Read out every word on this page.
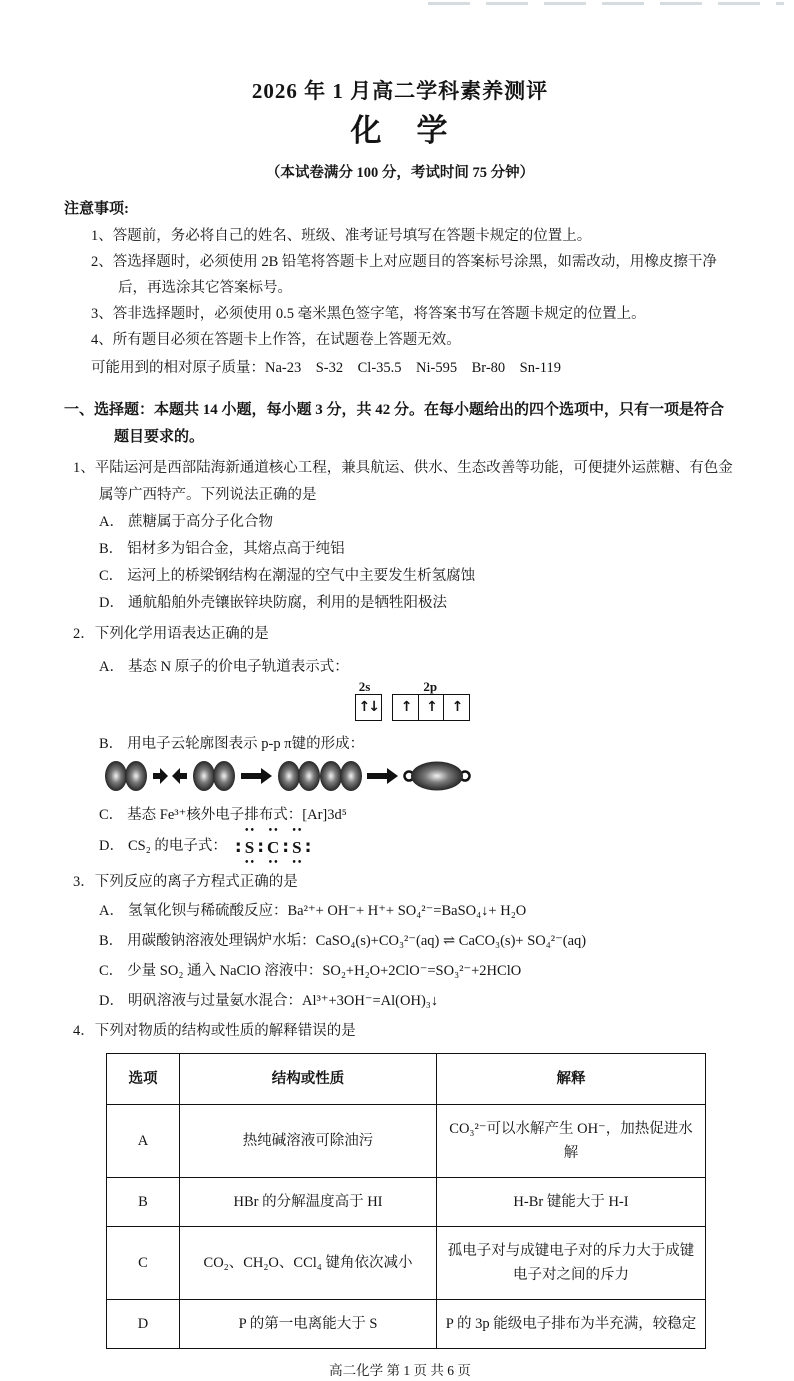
2026 年 1 月高二学科素养测评
化　学
（本试卷满分 100 分，考试时间 75 分钟）
注意事项:
1、答题前，务必将自己的姓名、班级、准考证号填写在答题卡规定的位置上。
2、答选择题时，必须使用 2B 铅笔将答题卡上对应题目的答案标号涂黑，如需改动，用橡皮擦干净后，再选涂其它答案标号。
3、答非选择题时，必须使用 0.5 毫米黑色签字笔，将答案书写在答题卡规定的位置上。
4、所有题目必须在答题卡上作答，在试题卷上答题无效。
可能用到的相对原子质量：Na-23　S-32　Cl-35.5　Ni-595　Br-80　Sn-119
一、选择题：本题共 14 小题，每小题 3 分，共 42 分。在每小题给出的四个选项中，只有一项是符合题目要求的。
1、平陆运河是西部陆海新通道核心工程，兼具航运、供水、生态改善等功能，可便捷外运蔗糖、有色金属等广西特产。下列说法正确的是
A． 蔗糖属于高分子化合物
B． 铝材多为铝合金，其熔点高于纯铝
C． 运河上的桥梁钢结构在潮湿的空气中主要发生析氢腐蚀
D． 通航船舶外壳镶嵌锌块防腐，利用的是牺牲阳极法
2．下列化学用语表达正确的是
A． 基态 N 原子的价电子轨道表示式：
2s
↑↓
2p
↑	↑	↑
B． 用电子云轮廓图表示 p-p π键的形成：
C． 基态 Fe³⁺核外电子排布式：[Ar]3d⁵
D． CS₂ 的电子式： : • • S • • : • • C • • : • • S • • :
3．下列反应的离子方程式正确的是
A． 氢氧化钡与稀硫酸反应：Ba²⁺+ OH⁻+ H⁺+ SO₄²⁻=BaSO₄↓+ H₂O
B． 用碳酸钠溶液处理锅炉水垢：CaSO₄(s)+CO₃²⁻(aq) ⇌ CaCO₃(s)+ SO₄²⁻(aq)
C． 少量 SO₂ 通入 NaClO 溶液中：SO₂+H₂O+2ClO⁻=SO₃²⁻+2HClO
D． 明矾溶液与过量氨水混合：Al³⁺+3OH⁻=Al(OH)₃↓
4．下列对物质的结构或性质的解释错误的是
选项	结构或性质	解释
A	热纯碱溶液可除油污	CO₃²⁻可以水解产生 OH⁻，加热促进水解
B	HBr 的分解温度高于 HI	H-Br 键能大于 H-I
C	CO₂、CH₂O、CCl₄ 键角依次减小	孤电子对与成键电子对的斥力大于成键电子对之间的斥力
D	P 的第一电离能大于 S	P 的 3p 能级电子排布为半充满，较稳定
高二化学 第 1 页 共 6 页
